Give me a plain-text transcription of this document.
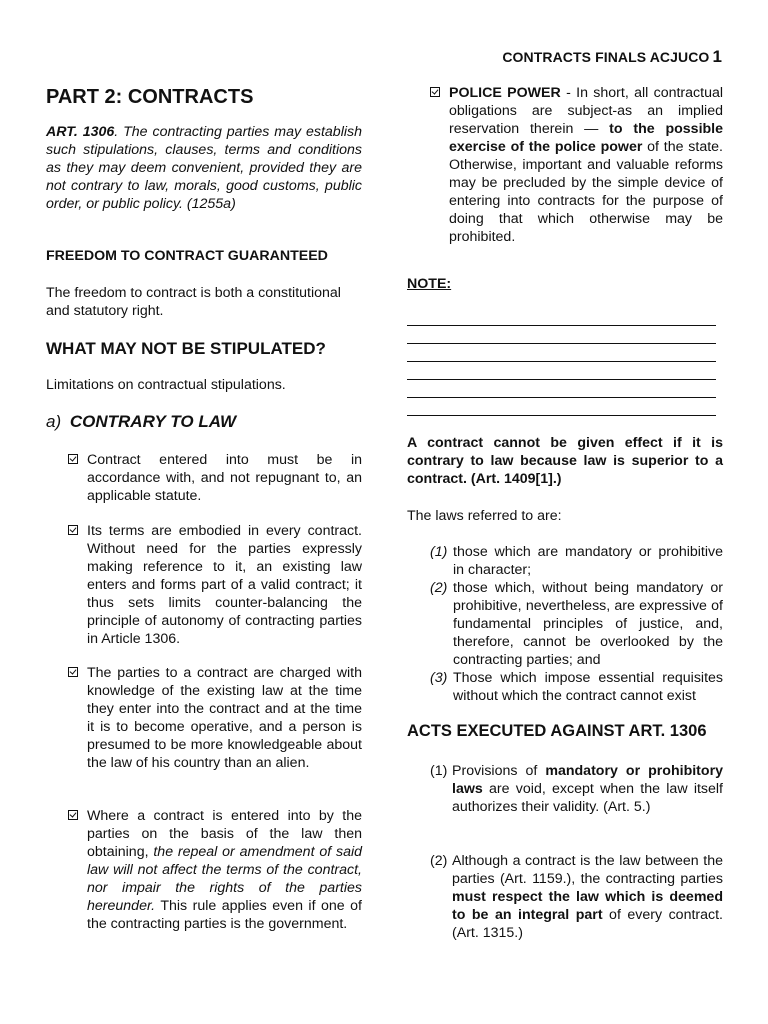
CONTRACTS FINALS ACJUCO 1
PART 2: CONTRACTS

ART. 1306. The contracting parties may establish such stipulations, clauses, terms and conditions as they may deem convenient, provided they are not contrary to law, morals, good customs, public order, or public policy. (1255a)

FREEDOM TO CONTRACT GUARANTEED

The freedom to contract is both a constitutional and statutory right.

WHAT MAY NOT BE STIPULATED?

Limitations on contractual stipulations.

a) CONTRARY TO LAW

Contract entered into must be in accordance with, and not repugnant to, an applicable statute.

Its terms are embodied in every contract. Without need for the parties expressly making reference to it, an existing law enters and forms part of a valid contract; it thus sets limits counter-balancing the principle of autonomy of contracting parties in Article 1306.

The parties to a contract are charged with knowledge of the existing law at the time they enter into the contract and at the time it is to become operative, and a person is presumed to be more knowledgeable about the law of his country than an alien.

Where a contract is entered into by the parties on the basis of the law then obtaining, the repeal or amendment of said law will not affect the terms of the contract, nor impair the rights of the parties hereunder. This rule applies even if one of the contracting parties is the government.

POLICE POWER - In short, all contractual obligations are subject-as an implied reservation therein — to the possible exercise of the police power of the state. Otherwise, important and valuable reforms may be precluded by the simple device of entering into contracts for the purpose of doing that which otherwise may be prohibited.

NOTE:

A contract cannot be given effect if it is contrary to law because law is superior to a contract. (Art. 1409[1].)

The laws referred to are:

(1) those which are mandatory or prohibitive in character;
(2) those which, without being mandatory or prohibitive, nevertheless, are expressive of fundamental principles of justice, and, therefore, cannot be overlooked by the contracting parties; and
(3) Those which impose essential requisites without which the contract cannot exist

ACTS EXECUTED AGAINST ART. 1306

(1) Provisions of mandatory or prohibitory laws are void, except when the law itself authorizes their validity. (Art. 5.)
(2) Although a contract is the law between the parties (Art. 1159.), the contracting parties must respect the law which is deemed to be an integral part of every contract. (Art. 1315.)
